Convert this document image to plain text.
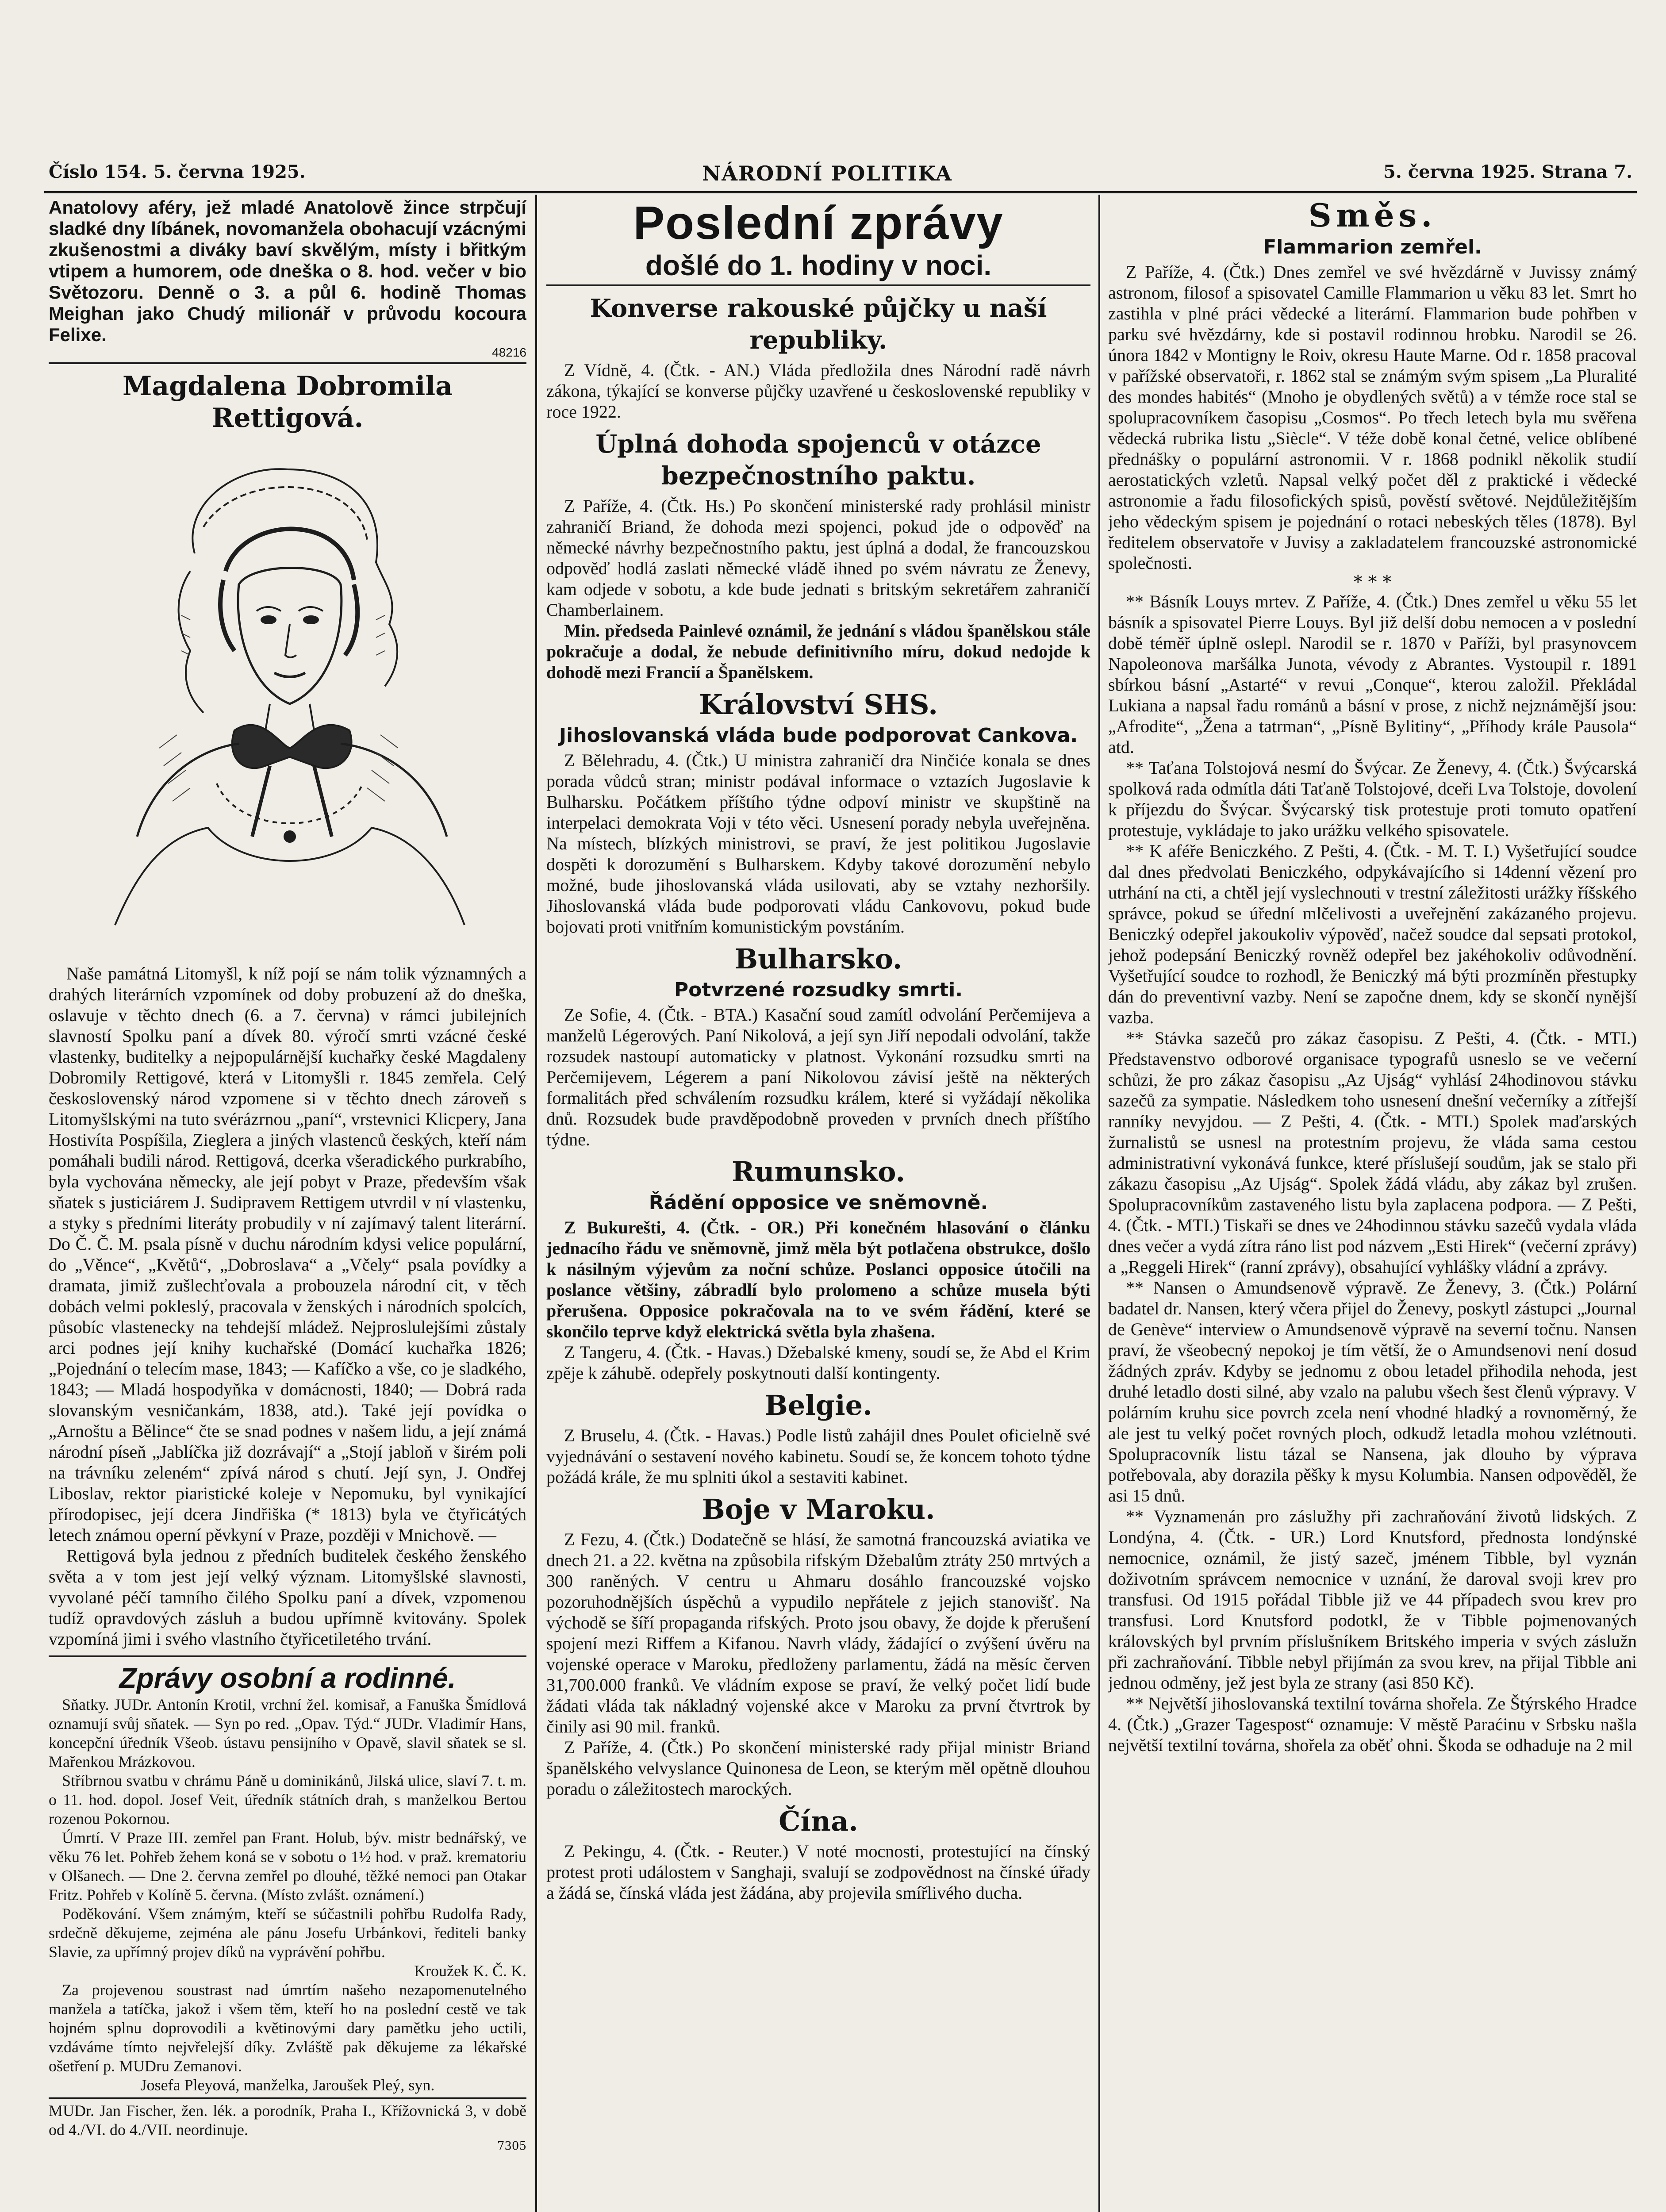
Číslo 154. 5. června 1925.	NÁRODNÍ POLITIKA	5. června 1925. Strana 7.

Anatolovy aféry, jež mladé Anatolově žince strpčují sladké dny líbánek, novomanžela obohacují vzácnými zkušenostmi a diváky baví skvělým, místy i břitkým vtipem a humorem, ode dneška o 8. hod. večer v bio Světozoru. Denně o 3. a půl 6. hodině Thomas Meighan jako Chudý milionář v průvodu kocoura Felixe.

48216

Magdalena Dobromila Rettigová.

Naše památná Litomyšl, k níž pojí se nám tolik významných a drahých literárních vzpomínek od doby probuzení až do dneška, oslavuje v těchto dnech (6. a 7. června) v rámci jubilejních slavností Spolku paní a dívek 80. výročí smrti vzácné české vlastenky, buditelky a nejpopulárnější kuchařky české Magdaleny Dobromily Rettigové, která v Litomyšli r. 1845 zemřela. Celý československý národ vzpomene si v těchto dnech zároveň s Litomyšlskými na tuto svérázrnou „paní“, vrstevnici Klicpery, Jana Hostivíta Pospíšila, Zieglera a jiných vlastenců českých, kteří nám pomáhali budili národ. Rettigová, dcerka všeradického purkrabího, byla vychována německy, ale její pobyt v Praze, především však sňatek s justiciárem J. Sudipravem Rettigem utvrdil v ní vlastenku, a styky s předními literáty probudily v ní zajímavý talent literární. Do Č. Č. M. psala písně v duchu národním kdysi velice populární, do „Věnce“, „Květů“, „Dobroslava“ a „Včely“ psala povídky a dramata, jimiž zušlechťovala a probouzela národní cit, v těch dobách velmi pokleslý, pracovala v ženských i národních spolcích, působíc vlastenecky na tehdejší mládež. Nejproslulejšími zůstaly arci podnes její knihy kuchařské (Domácí kuchařka 1826; „Pojednání o telecím mase, 1843; — Kafíčko a vše, co je sladkého, 1843; — Mladá hospodyňka v domácnosti, 1840; — Dobrá rada slovanským vesničankám, 1838, atd.). Také její povídka o „Arnoštu a Bělince“ čte se snad podnes v našem lidu, a její známá národní píseň „Jablíčka již dozrávají“ a „Stojí jabloň v širém poli na trávníku zeleném“ zpívá národ s chutí. Její syn, J. Ondřej Liboslav, rektor piaristické koleje v Nepomuku, byl vynikající přírodopisec, její dcera Jindřiška (* 1813) byla ve čtyřicátých letech známou operní pěvkyní v Praze, později v Mnichově. —

Rettigová byla jednou z předních buditelek českého ženského světa a v tom jest její velký význam. Litomyšlské slavnosti, vyvolané péčí tamního čilého Spolku paní a dívek, vzpomenou tudíž opravdových zásluh a budou upřímně kvitovány. Spolek vzpomíná jimi i svého vlastního čtyřicetiletého trvání.

Zprávy osobní a rodinné.

Sňatky. JUDr. Antonín Krotil, vrchní žel. komisař, a Fanuška Šmídlová oznamují svůj sňatek. — Syn po red. „Opav. Týd.“ JUDr. Vladimír Hans, koncepční úředník Všeob. ústavu pensijního v Opavě, slavil sňatek se sl. Mařenkou Mrázkovou.

Stříbrnou svatbu v chrámu Páně u dominikánů, Jilská ulice, slaví 7. t. m. o 11. hod. dopol. Josef Veit, úředník státních drah, s manželkou Bertou rozenou Pokornou.

Úmrtí. V Praze III. zemřel pan Frant. Holub, býv. mistr bednářský, ve věku 76 let. Pohřeb žehem koná se v sobotu o 1½ hod. v praž. krematoriu v Olšanech. — Dne 2. června zemřel po dlouhé, těžké nemoci pan Otakar Fritz. Pohřeb v Kolíně 5. června. (Místo zvlášt. oznámení.)

Poděkování. Všem známým, kteří se súčastnili pohřbu Rudolfa Rady, srdečně děkujeme, zejména ale pánu Josefu Urbánkovi, řediteli banky Slavie, za upřímný projev díků na vyprávění pohřbu.

Kroužek K. Č. K.

Za projevenou soustrast nad úmrtím našeho nezapomenutelného manžela a tatíčka, jakož i všem těm, kteří ho na poslední cestě ve tak hojném splnu doprovodili a květinovými dary pamětku jeho uctili, vzdáváme tímto nejvřelejší díky. Zvláště pak děkujeme za lékařské ošetření p. MUDru Zemanovi.

Josefa Pleyová, manželka, Jaroušek Pleý, syn.

MUDr. Jan Fischer, žen. lék. a porodník, Praha I., Křížovnická 3, v době od 4./VI. do 4./VII. neordinuje.

7305

Poslední zprávy

došlé do 1. hodiny v noci.

Konverse rakouské půjčky u naší republiky.

Z Vídně, 4. (Čtk. - AN.) Vláda předložila dnes Národní radě návrh zákona, týkající se konverse půjčky uzavřené u československé republiky v roce 1922.

Úplná dohoda spojenců v otázce bezpečnostního paktu.

Z Paříže, 4. (Čtk. Hs.) Po skončení ministerské rady prohlásil ministr zahraničí Briand, že dohoda mezi spojenci, pokud jde o odpověď na německé návrhy bezpečnostního paktu, jest úplná a dodal, že francouzskou odpověď hodlá zaslati německé vládě ihned po svém návratu ze Ženevy, kam odjede v sobotu, a kde bude jednati s britským sekretářem zahraničí Chamberlainem.

Min. předseda Painlevé oznámil, že jednání s vládou španělskou stále pokračuje a dodal, že nebude definitivního míru, dokud nedojde k dohodě mezi Francií a Španělskem.

Království SHS.

Jihoslovanská vláda bude podporovat Cankova.

Z Bělehradu, 4. (Čtk.) U ministra zahraničí dra Ninčiće konala se dnes porada vůdců stran; ministr podával informace o vztazích Jugoslavie k Bulharsku. Počátkem příštího týdne odpoví ministr ve skupštině na interpelaci demokrata Voji v této věci. Usnesení porady nebyla uveřejněna. Na místech, blízkých ministrovi, se praví, že jest politikou Jugoslavie dospěti k dorozumění s Bulharskem. Kdyby takové dorozumění nebylo možné, bude jihoslovanská vláda usilovati, aby se vztahy nezhoršily. Jihoslovanská vláda bude podporovati vládu Cankovovu, pokud bude bojovati proti vnitřním komunistickým povstáním.

Bulharsko.

Potvrzené rozsudky smrti.

Ze Sofie, 4. (Čtk. - BTA.) Kasační soud zamítl odvolání Perčemijeva a manželů Légerových. Paní Nikolová, a její syn Jiří nepodali odvolání, takže rozsudek nastoupí automaticky v platnost. Vykonání rozsudku smrti na Perčemijevem, Légerem a paní Nikolovou závisí ještě na některých formalitách před schválením rozsudku králem, které si vyžádají několika dnů. Rozsudek bude pravděpodobně proveden v prvních dnech příštího týdne.

Rumunsko.

Řádění opposice ve sněmovně.

Z Bukurešti, 4. (Čtk. - OR.) Při konečném hlasování o článku jednacího řádu ve sněmovně, jimž měla být potlačena obstrukce, došlo k násilným výjevům za noční schůze. Poslanci opposice útočili na poslance většiny, zábradlí bylo prolomeno a schůze musela býti přerušena. Opposice pokračovala na to ve svém řádění, které se skončilo teprve když elektrická světla byla zhašena.

Z Tangeru, 4. (Čtk. - Havas.) Džebalské kmeny, soudí se, že Abd el Krim zpěje k záhubě. odepřely poskytnouti další kontingenty.

Belgie.

Z Bruselu, 4. (Čtk. - Havas.) Podle listů zahájil dnes Poulet oficielně své vyjednávání o sestavení nového kabinetu. Soudí se, že koncem tohoto týdne požádá krále, že mu splniti úkol a sestaviti kabinet.

Boje v Maroku.

Z Fezu, 4. (Čtk.) Dodatečně se hlásí, že samotná francouzská aviatika ve dnech 21. a 22. května na způsobila rifským Džebalům ztráty 250 mrtvých a 300 raněných. V centru u Ahmaru dosáhlo francouzské vojsko pozoruhodnějších úspěchů a vypudilo nepřátele z jejich stanovišť. Na východě se šíří propaganda rifských. Proto jsou obavy, že dojde k přerušení spojení mezi Riffem a Kifanou. Navrh vlády, žádající o zvýšení úvěru na vojenské operace v Maroku, předloženy parlamentu, žádá na měsíc červen 31,700.000 franků. Ve vládním expose se praví, že velký počet lidí bude žádati vláda tak nákladný vojenské akce v Maroku za první čtvrtrok by činily asi 90 mil. franků.

Z Paříže, 4. (Čtk.) Po skončení ministerské rady přijal ministr Briand španělského velvyslance Quinonesa de Leon, se kterým měl opětně dlouhou poradu o záležitostech marockých.

Čína.

Z Pekingu, 4. (Čtk. - Reuter.) V noté mocnosti, protestující na čínský protest proti událostem v Sanghaji, svalují se zodpovědnost na čínské úřady a žádá se, čínská vláda jest žádána, aby projevila smířlivého ducha.

Směs.

Flammarion zemřel.

Z Paříže, 4. (Čtk.) Dnes zemřel ve své hvězdárně v Juvissy známý astronom, filosof a spisovatel Camille Flammarion u věku 83 let. Smrt ho zastihla v plné práci vědecké a literární. Flammarion bude pohřben v parku své hvězdárny, kde si postavil rodinnou hrobku. Narodil se 26. února 1842 v Montigny le Roiv, okresu Haute Marne. Od r. 1858 pracoval v pařížské observatoři, r. 1862 stal se známým svým spisem „La Pluralité des mondes habités“ (Mnoho je obydlených světů) a v témže roce stal se spolupracovníkem časopisu „Cosmos“. Po třech letech byla mu svěřena vědecká rubrika listu „Siècle“. V téže době konal četné, velice oblíbené přednášky o populární astronomii. V r. 1868 podnikl několik studií aerostatických vzletů. Napsal velký počet děl z praktické i vědecké astronomie a řadu filosofických spisů, pověstí světové. Nejdůležitějším jeho vědeckým spisem je pojednání o rotaci nebeských těles (1878). Byl ředitelem observatoře v Juvisy a zakladatelem francouzské astronomické společnosti.

* * *

** Básník Louys mrtev. Z Paříže, 4. (Čtk.) Dnes zemřel u věku 55 let básník a spisovatel Pierre Louys. Byl již delší dobu nemocen a v poslední době téměř úplně oslepl. Narodil se r. 1870 v Paříži, byl prasynovcem Napoleonova maršálka Junota, vévody z Abrantes. Vystoupil r. 1891 sbírkou básní „Astarté“ v revui „Conque“, kterou založil. Překládal Lukiana a napsal řadu románů a básní v prose, z nichž nejznámější jsou: „Afrodite“, „Žena a tatrman“, „Písně Bylitiny“, „Příhody krále Pausola“ atd.

** Taťana Tolstojová nesmí do Švýcar. Ze Ženevy, 4. (Čtk.) Švýcarská spolková rada odmítla dáti Taťaně Tolstojové, dceři Lva Tolstoje, dovolení k příjezdu do Švýcar. Švýcarský tisk protestuje proti tomuto opatření protestuje, vykládaje to jako urážku velkého spisovatele.

** K aféře Beniczkého. Z Pešti, 4. (Čtk. - M. T. I.) Vyšetřující soudce dal dnes předvolati Beniczkého, odpykávajícího si 14denní vězení pro utrhání na cti, a chtěl její vyslechnouti v trestní záležitosti urážky říšského správce, pokud se úřední mlčelivosti a uveřejnění zakázaného projevu. Beniczký odepřel jakoukoliv výpověď, načež soudce dal sepsati protokol, jehož podepsání Beniczký rovněž odepřel bez jakéhokoliv odůvodnění. Vyšetřující soudce to rozhodl, že Beniczký má býti prozmíněn přestupky dán do preventivní vazby. Není se započne dnem, kdy se skončí nynější vazba.

** Stávka sazečů pro zákaz časopisu. Z Pešti, 4. (Čtk. - MTI.) Představenstvo odborové organisace typografů usneslo se ve večerní schůzi, že pro zákaz časopisu „Az Ujság“ vyhlásí 24hodinovou stávku sazečů za sympatie. Následkem toho usnesení dnešní večerníky a zítřejší ranníky nevyjdou. — Z Pešti, 4. (Čtk. - MTI.) Spolek maďarských žurnalistů se usnesl na protestním projevu, že vláda sama cestou administrativní vykonává funkce, které příslušejí soudům, jak se stalo při zákazu časopisu „Az Ujság“. Spolek žádá vládu, aby zákaz byl zrušen. Spolupracovníkům zastaveného listu byla zaplacena podpora. — Z Pešti, 4. (Čtk. - MTI.) Tiskaři se dnes ve 24hodinnou stávku sazečů vydala vláda dnes večer a vydá zítra ráno list pod názvem „Esti Hirek“ (večerní zprávy) a „Reggeli Hirek“ (ranní zprávy), obsahující vyhlášky vládní a zprávy.

** Nansen o Amundsenově výpravě. Ze Ženevy, 3. (Čtk.) Polární badatel dr. Nansen, který včera přijel do Ženevy, poskytl zástupci „Journal de Genève“ interview o Amundsenově výpravě na severní točnu. Nansen praví, že všeobecný nepokoj je tím větší, že o Amundsenovi není dosud žádných zpráv. Kdyby se jednomu z obou letadel přihodila nehoda, jest druhé letadlo dosti silné, aby vzalo na palubu všech šest členů výpravy. V polárním kruhu sice povrch zcela není vhodné hladký a rovnoměrný, že ale jest tu velký počet rovných ploch, odkudž letadla mohou vzlétnouti. Spolupracovník listu tázal se Nansena, jak dlouho by výprava potřebovala, aby dorazila pěšky k mysu Kolumbia. Nansen odpověděl, že asi 15 dnů.

** Vyznamenán pro záslužhy při zachraňování životů lidských. Z Londýna, 4. (Čtk. - UR.) Lord Knutsford, přednosta londýnské nemocnice, oznámil, že jistý sazeč, jménem Tibble, byl vyznán doživotním správcem nemocnice v uznání, že daroval svoji krev pro transfusi. Od 1915 pořádal Tibble již ve 44 případech svou krev pro transfusi. Lord Knutsford podotkl, že v Tibble pojmenovaných královských byl prvním příslušníkem Britského imperia v svých záslužn při zachraňování. Tibble nebyl přijímán za svou krev, na přijal Tibble ani jednou odměny, jež jest byla ze strany (asi 850 Kč).

** Největší jihoslovanská textilní továrna shořela. Ze Štýrského Hradce 4. (Čtk.) „Grazer Tagespost“ oznamuje: V městě Paraćinu v Srbsku našla největší textilní továrna, shořela za oběť ohni. Škoda se odhaduje na 2 mil
